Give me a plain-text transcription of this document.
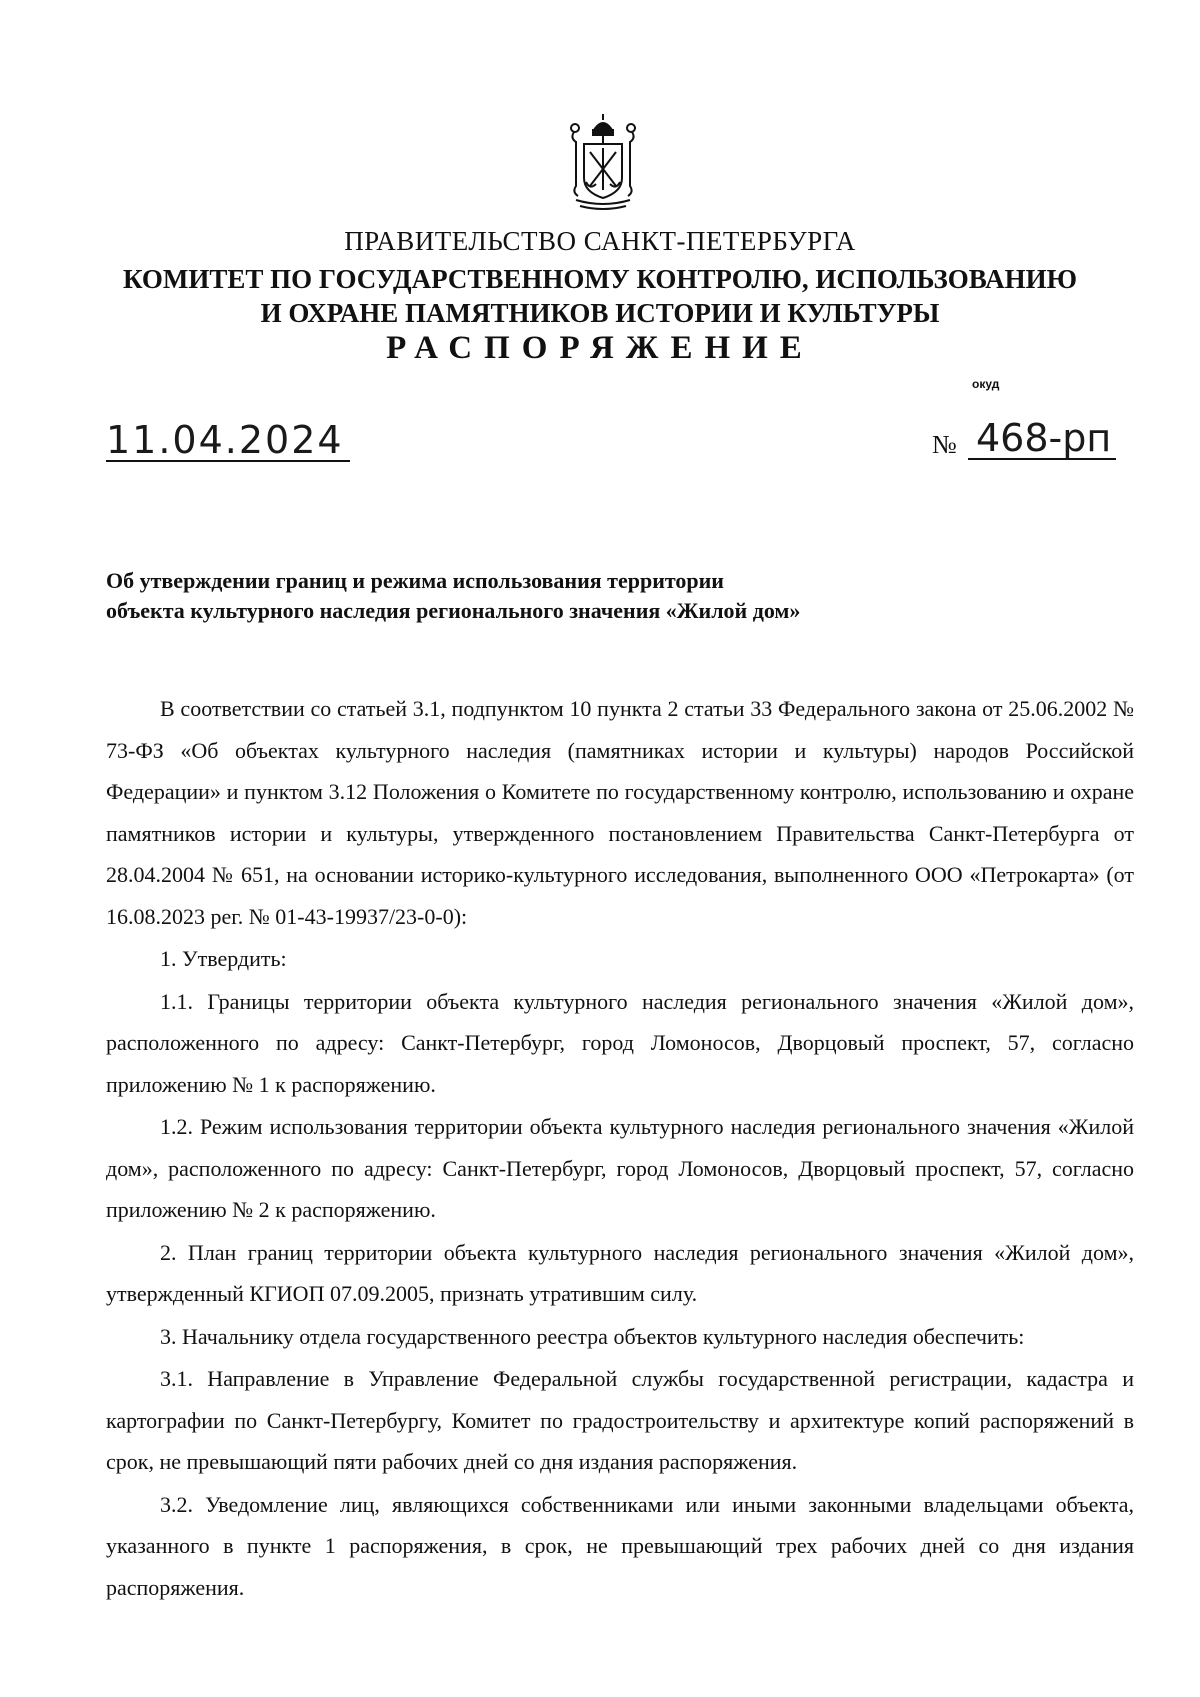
ПРАВИТЕЛЬСТВО САНКТ-ПЕТЕРБУРГА
КОМИТЕТ ПО ГОСУДАРСТВЕННОМУ КОНТРОЛЮ, ИСПОЛЬЗОВАНИЮ
И ОХРАНЕ ПАМЯТНИКОВ ИСТОРИИ И КУЛЬТУРЫ
РАСПОРЯЖЕНИЕ
окуд
11.04.2024	№ 468-рп
Об утверждении границ и режима использования территории
объекта культурного наследия регионального значения «Жилой дом»

В соответствии со статьей 3.1, подпунктом 10 пункта 2 статьи 33 Федерального закона от 25.06.2002 № 73-ФЗ «Об объектах культурного наследия (памятниках истории и культуры) народов Российской Федерации» и пунктом 3.12 Положения о Комитете по государственному контролю, использованию и охране памятников истории и культуры, утвержденного постановлением Правительства Санкт-Петербурга от 28.04.2004 № 651, на основании историко-культурного исследования, выполненного ООО «Петрокарта» (от 16.08.2023 рег. № 01-43-19937/23-0-0):

1. Утвердить:

1.1. Границы территории объекта культурного наследия регионального значения «Жилой дом», расположенного по адресу: Санкт-Петербург, город Ломоносов, Дворцовый проспект, 57, согласно приложению № 1 к распоряжению.

1.2. Режим использования территории объекта культурного наследия регионального значения «Жилой дом», расположенного по адресу: Санкт-Петербург, город Ломоносов, Дворцовый проспект, 57, согласно приложению № 2 к распоряжению.

2. План границ территории объекта культурного наследия регионального значения «Жилой дом», утвержденный КГИОП 07.09.2005, признать утратившим силу.

3. Начальнику отдела государственного реестра объектов культурного наследия обеспечить:

3.1. Направление в Управление Федеральной службы государственной регистрации, кадастра и картографии по Санкт-Петербургу, Комитет по градостроительству и архитектуре копий распоряжений в срок, не превышающий пяти рабочих дней со дня издания распоряжения.

3.2. Уведомление лиц, являющихся собственниками или иными законными владельцами объекта, указанного в пункте 1 распоряжения, в срок, не превышающий трех рабочих дней со дня издания распоряжения.
